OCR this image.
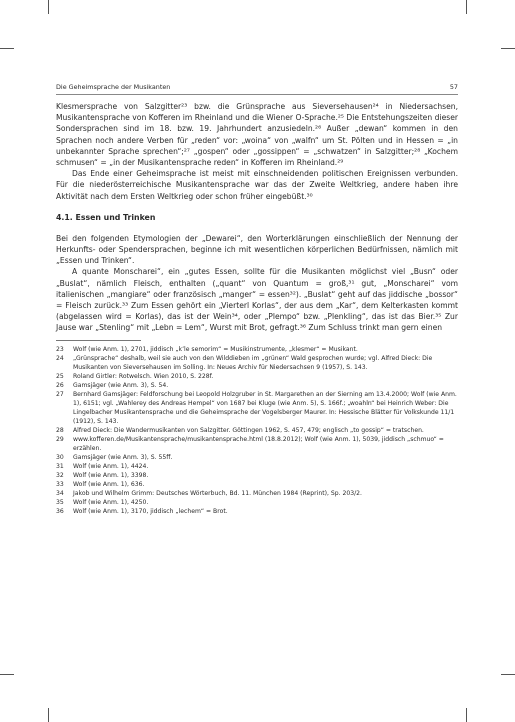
Die Geheimsprache der Musikanten	57

Klesmersprache von Salzgitter²³ bzw. die Grünsprache aus Sieversehausen²⁴ in Niedersachsen, Musikantensprache von Kofferen im Rheinland und die Wiener O-Sprache.²⁵ Die Entstehungszeiten dieser Sondersprachen sind im 18. bzw. 19. Jahrhundert anzusiedeln.²⁶ Außer „dewan“ kommen in den Sprachen noch andere Verben für „reden“ vor: „woina“ von „walfn“ um St. Pölten und in Hessen = „in unbekannter Sprache sprechen“;²⁷ „gospen“ oder „gossippen“ = „schwatzen“ in Salzgitter;²⁸ „Kochem schmusen“ = „in der Musikantensprache reden“ in Kofferen im Rheinland.²⁹

Das Ende einer Geheimsprache ist meist mit einschneidenden politischen Ereignissen verbunden. Für die niederösterreichische Musikantensprache war das der Zweite Weltkrieg, andere haben ihre Aktivität nach dem Ersten Weltkrieg oder schon früher eingebüßt.³⁰

4.1. Essen und Trinken

Bei den folgenden Etymologien der „Dewarei“, den Worterklärungen einschließlich der Nennung der Herkunfts- oder Spendersprachen, beginne ich mit wesentlichen körperlichen Bedürfnissen, nämlich mit „Essen und Trinken“.

A quante Monscharei“, ein „gutes Essen, sollte für die Musikanten möglichst viel „Busn“ oder „Buslat“, nämlich Fleisch, enthalten („quant“ von Quantum = groß,³¹ gut, „Monscharei“ vom italienischen „mangiare“ oder französisch „manger“ = essen³²). „Buslat“ geht auf das jiddische „bossor“ = Fleisch zurück.³³ Zum Essen gehört ein „Vierterl Korlas“, der aus dem „Kar“, dem Kelterkasten kommt (abgelassen wird = Korlas), das ist der Wein³⁴, oder „Plempo“ bzw. „Plenkling“, das ist das Bier.³⁵ Zur Jause war „Stenling“ mit „Lebn = Lem“, Wurst mit Brot, gefragt.³⁶ Zum Schluss trinkt man gern einen

23	Wolf (wie Anm. 1), 2701, jiddisch „k’le semorim“ = Musikinstrumente, „klesmer“ = Musikant.
24	„Grünsprache“ deshalb, weil sie auch von den Wilddieben im „grünen“ Wald gesprochen wurde; vgl. Alfred Dieck: Die Musikanten von Sieversehausen im Solling. In: Neues Archiv für Niedersachsen 9 (1957), S. 143.
25	Roland Girtler: Rotwelsch. Wien 2010, S. 228f.
26	Gamsjäger (wie Anm. 3), S. 54.
27	Bernhard Gamsjäger: Feldforschung bei Leopold Holzgruber in St. Margarethen an der Sierning am 13.4.2000; Wolf (wie Anm. 1), 6151; vgl. „Wahlerey des Andreas Hempel“ von 1687 bei Kluge (wie Anm. 5), S. 166f.; „woahln“ bei Heinrich Weber: Die Lingelbacher Musikantensprache und die Geheimsprache der Vogelsberger Maurer. In: Hessische Blätter für Volkskunde 11/1 (1912), S. 143.
28	Alfred Dieck: Die Wandermusikanten von Salzgitter. Göttingen 1962, S. 457, 479; englisch „to gossip“ = tratschen.
29	www.kofferen.de/Musikantensprache/musikantensprache.html (18.8.2012); Wolf (wie Anm. 1), 5039, jiddisch „schmuo“ = erzählen.
30	Gamsjäger (wie Anm. 3), S. 55ff.
31	Wolf (wie Anm. 1), 4424.
32	Wolf (wie Anm. 1), 3398.
33	Wolf (wie Anm. 1), 636.
34	Jakob und Wilhelm Grimm: Deutsches Wörterbuch, Bd. 11. München 1984 (Reprint), Sp. 203/2.
35	Wolf (wie Anm. 1), 4250.
36	Wolf (wie Anm. 1), 3170, jiddisch „lechem“ = Brot.
